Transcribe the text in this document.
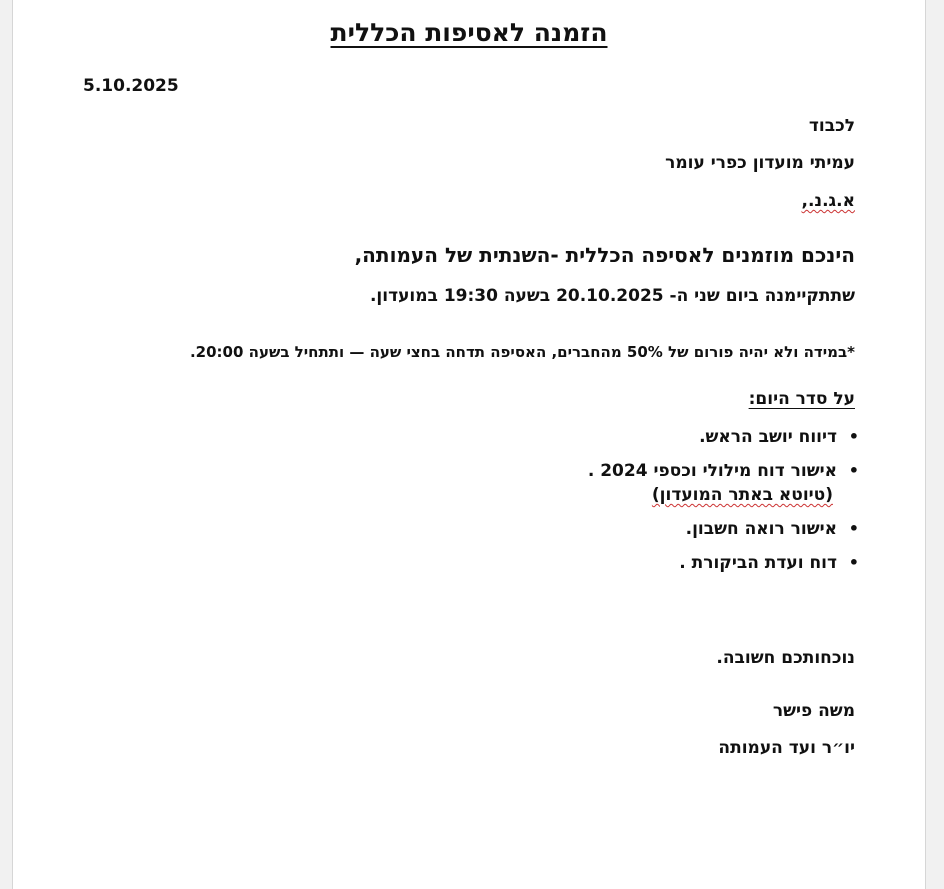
הזמנה לאסיפות הכללית
5.10.2025
לכבוד
עמיתי מועדון כפרי עומר
א.ג.נ.,
הינכם מוזמנים לאסיפה הכללית -השנתית של העמותה,
שתתקיימנה ביום שני ה- 20.10.2025 בשעה 19:30 במועדון.
*במידה ולא יהיה פורום של 50% מהחברים, האסיפה תדחה בחצי שעה — ותתחיל בשעה 20:00.
על סדר היום:
•
דיווח יושב הראש.
•
אישור דוח מילולי וכספי 2024 .
(טיוטא באתר המועדון)
•
אישור רואה חשבון.
•
דוח ועדת הביקורת .
נוכחותכם חשובה.
משה פישר
יו״ר ועד העמותה
